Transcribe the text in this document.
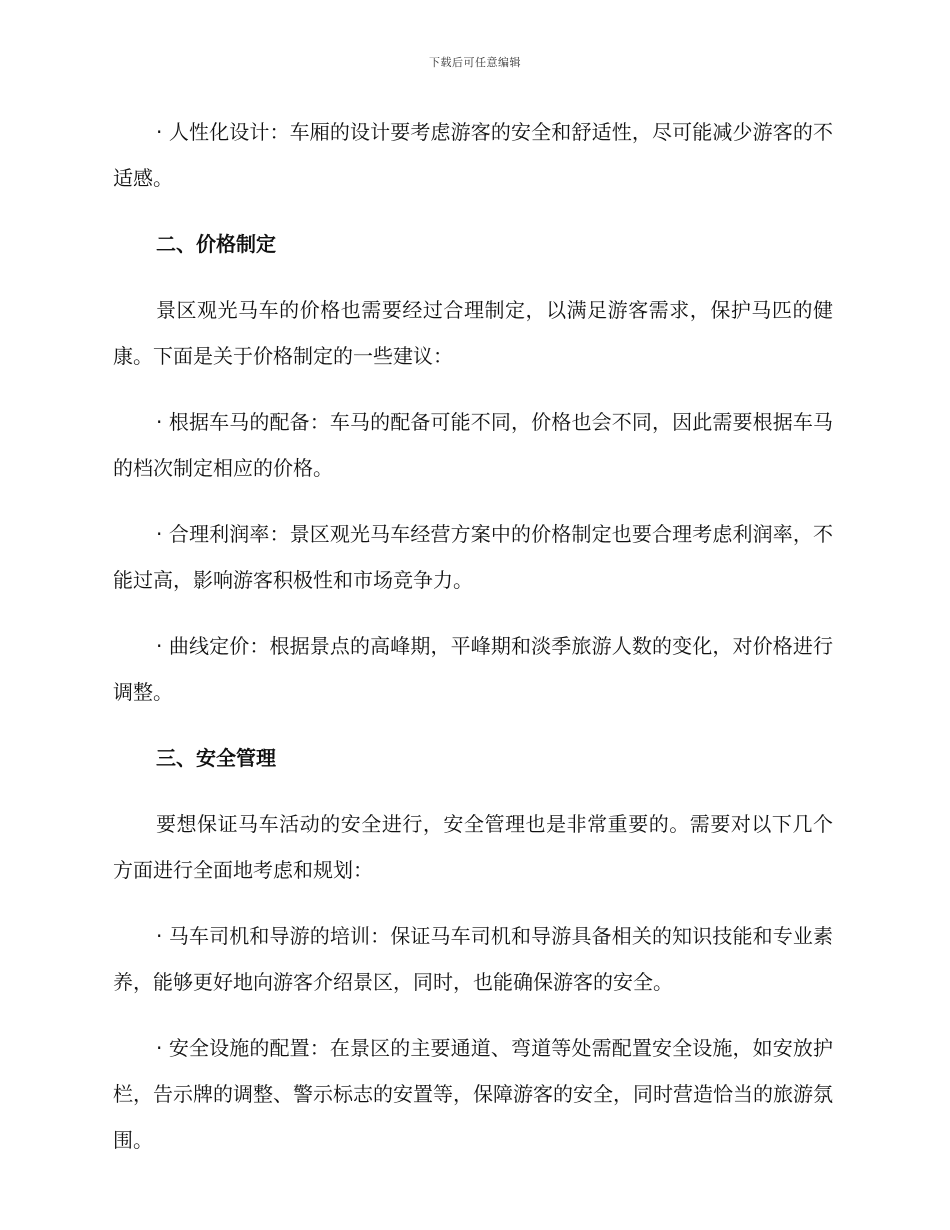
下载后可任意编辑

· 人性化设计：车厢的设计要考虑游客的安全和舒适性，尽可能减少游客的不适感。

二、价格制定

景区观光马车的价格也需要经过合理制定，以满足游客需求，保护马匹的健康。下面是关于价格制定的一些建议：

· 根据车马的配备：车马的配备可能不同，价格也会不同，因此需要根据车马的档次制定相应的价格。

· 合理利润率：景区观光马车经营方案中的价格制定也要合理考虑利润率，不能过高，影响游客积极性和市场竞争力。

· 曲线定价：根据景点的高峰期，平峰期和淡季旅游人数的变化，对价格进行调整。

三、安全管理

要想保证马车活动的安全进行，安全管理也是非常重要的。需要对以下几个方面进行全面地考虑和规划：

· 马车司机和导游的培训：保证马车司机和导游具备相关的知识技能和专业素养，能够更好地向游客介绍景区，同时，也能确保游客的安全。

· 安全设施的配置：在景区的主要通道、弯道等处需配置安全设施，如安放护栏，告示牌的调整、警示标志的安置等，保障游客的安全，同时营造恰当的旅游氛围。
